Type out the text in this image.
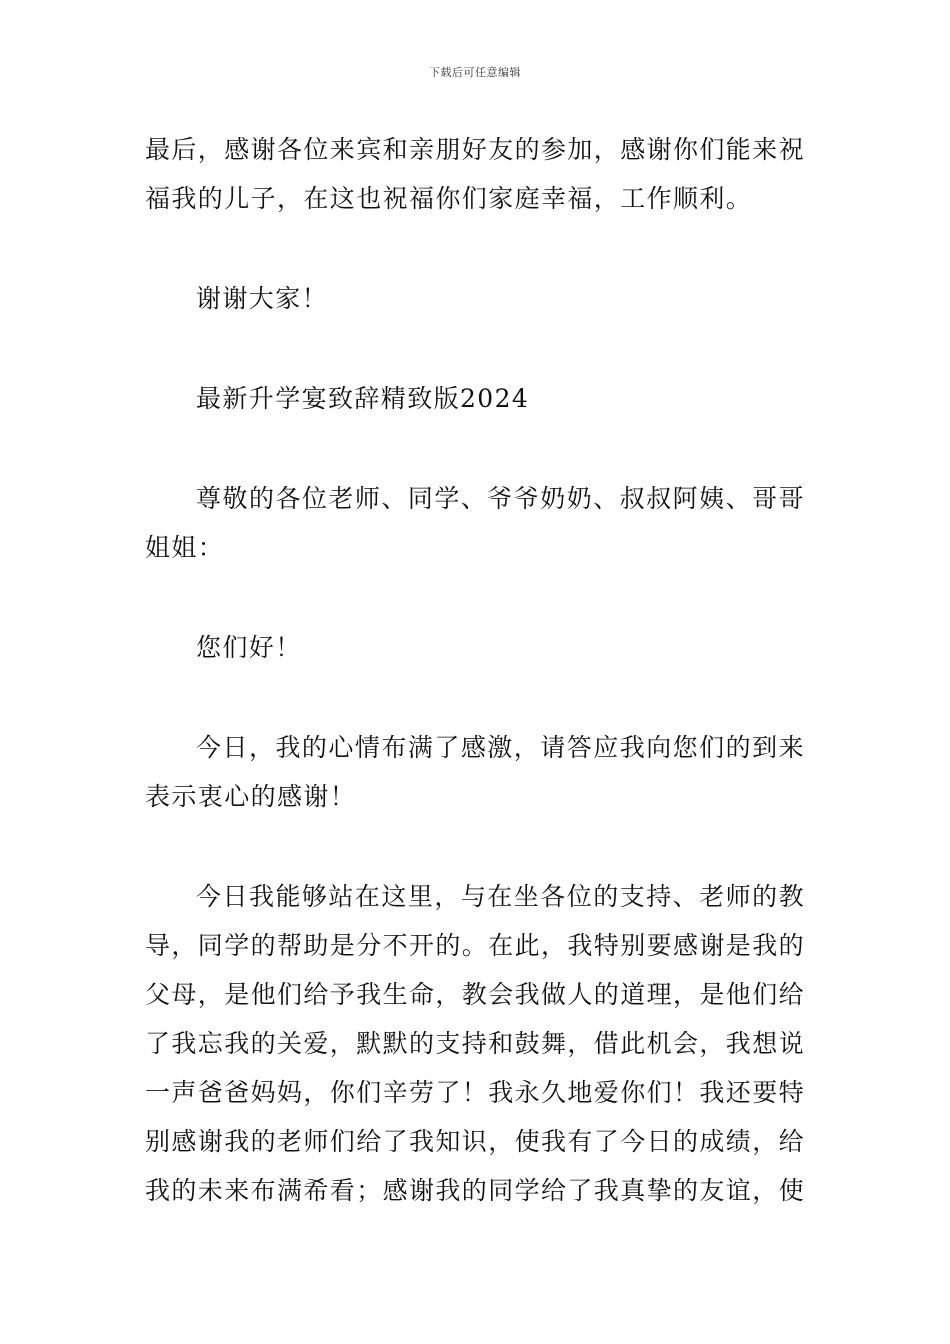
下载后可任意编辑

最后，感谢各位来宾和亲朋好友的参加，感谢你们能来祝福我的儿子，在这也祝福你们家庭幸福，工作顺利。

谢谢大家！

最新升学宴致辞精致版2024

尊敬的各位老师、同学、爷爷奶奶、叔叔阿姨、哥哥姐姐：

您们好！

今日，我的心情布满了感激，请答应我向您们的到来表示衷心的感谢！

今日我能够站在这里，与在坐各位的支持、老师的教导，同学的帮助是分不开的。在此，我特别要感谢是我的父母，是他们给予我生命，教会我做人的道理，是他们给了我忘我的关爱，默默的支持和鼓舞，借此机会，我想说一声爸爸妈妈，你们辛劳了！我永久地爱你们！我还要特别感谢我的老师们给了我知识，使我有了今日的成绩，给我的未来布满希看；感谢我的同学给了我真挚的友谊，使
